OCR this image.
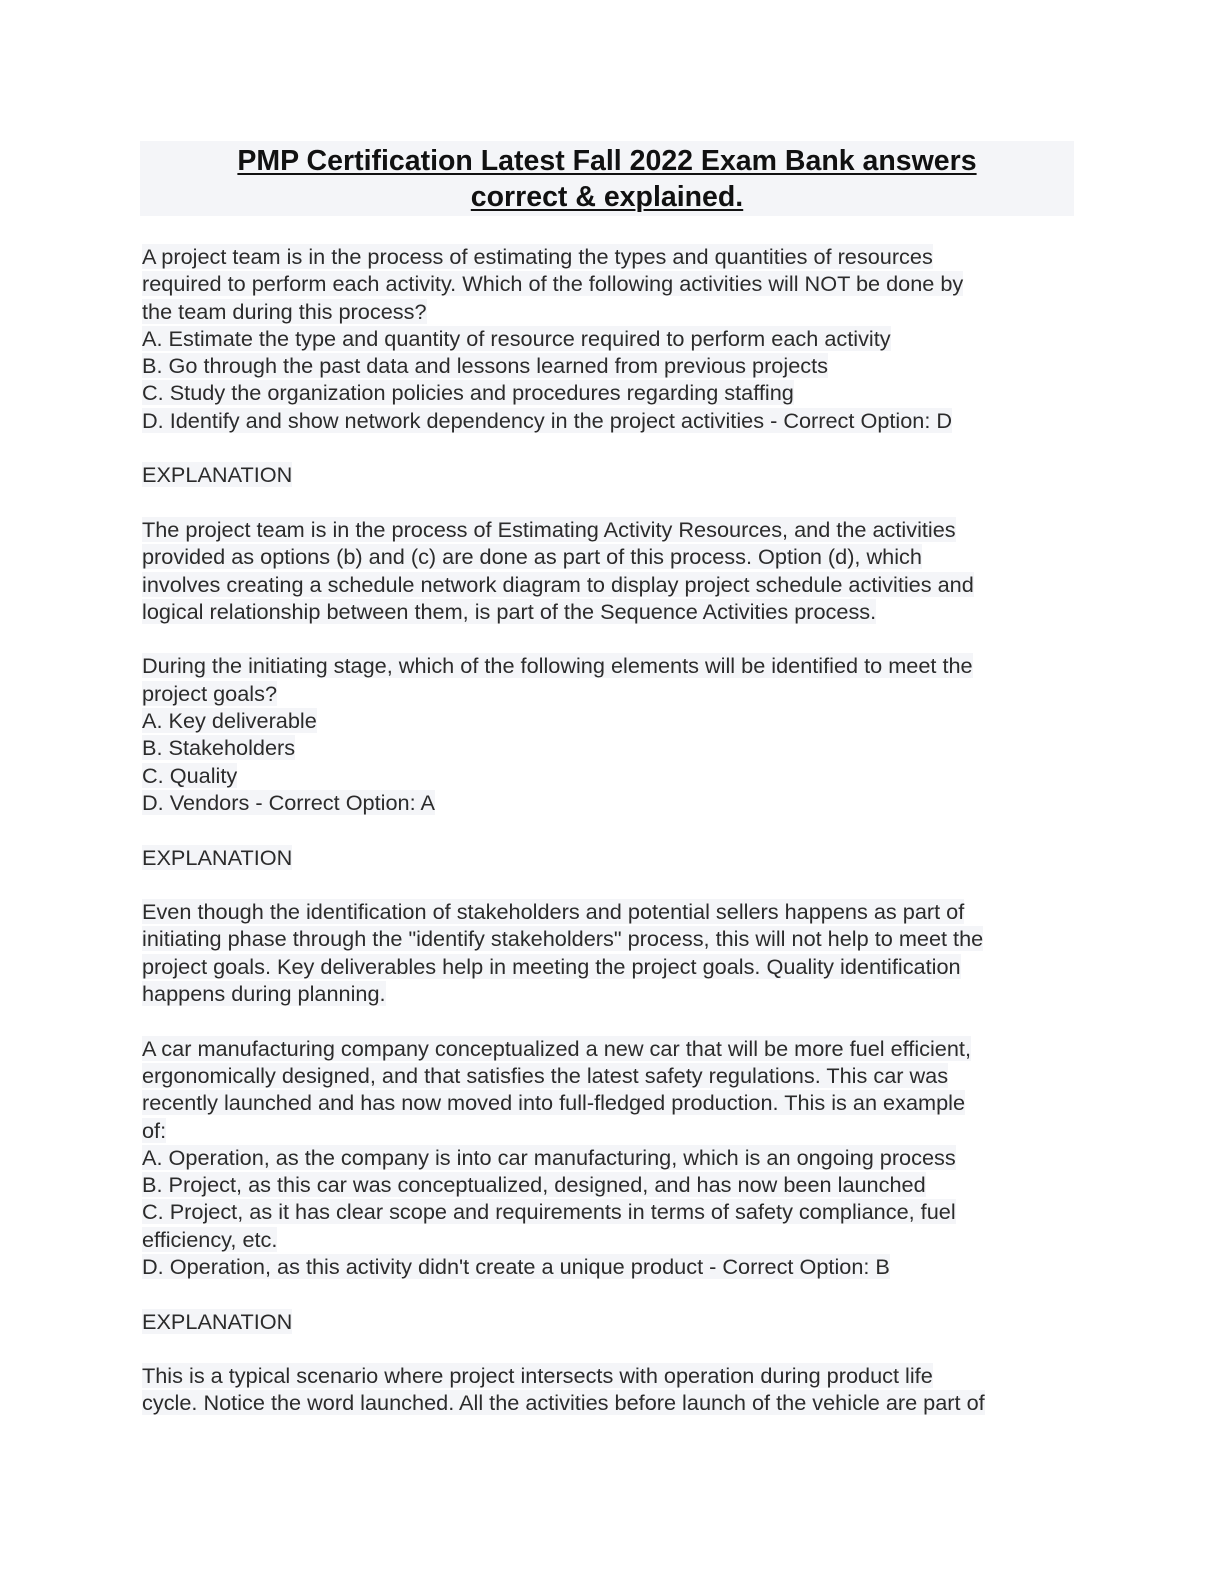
PMP Certification Latest Fall 2022 Exam Bank answers
correct & explained.
A project team is in the process of estimating the types and quantities of resources
required to perform each activity. Which of the following activities will NOT be done by
the team during this process?
A. Estimate the type and quantity of resource required to perform each activity
B. Go through the past data and lessons learned from previous projects
C. Study the organization policies and procedures regarding staffing
D. Identify and show network dependency in the project activities - Correct Option: D
EXPLANATION
The project team is in the process of Estimating Activity Resources, and the activities
provided as options (b) and (c) are done as part of this process. Option (d), which
involves creating a schedule network diagram to display project schedule activities and
logical relationship between them, is part of the Sequence Activities process.
During the initiating stage, which of the following elements will be identified to meet the
project goals?
A. Key deliverable
B. Stakeholders
C. Quality
D. Vendors - Correct Option: A
EXPLANATION
Even though the identification of stakeholders and potential sellers happens as part of
initiating phase through the "identify stakeholders" process, this will not help to meet the
project goals. Key deliverables help in meeting the project goals. Quality identification
happens during planning.
A car manufacturing company conceptualized a new car that will be more fuel efficient,
ergonomically designed, and that satisfies the latest safety regulations. This car was
recently launched and has now moved into full-fledged production. This is an example
of:
A. Operation, as the company is into car manufacturing, which is an ongoing process
B. Project, as this car was conceptualized, designed, and has now been launched
C. Project, as it has clear scope and requirements in terms of safety compliance, fuel
efficiency, etc.
D. Operation, as this activity didn't create a unique product - Correct Option: B
EXPLANATION
This is a typical scenario where project intersects with operation during product life
cycle. Notice the word launched. All the activities before launch of the vehicle are part of
